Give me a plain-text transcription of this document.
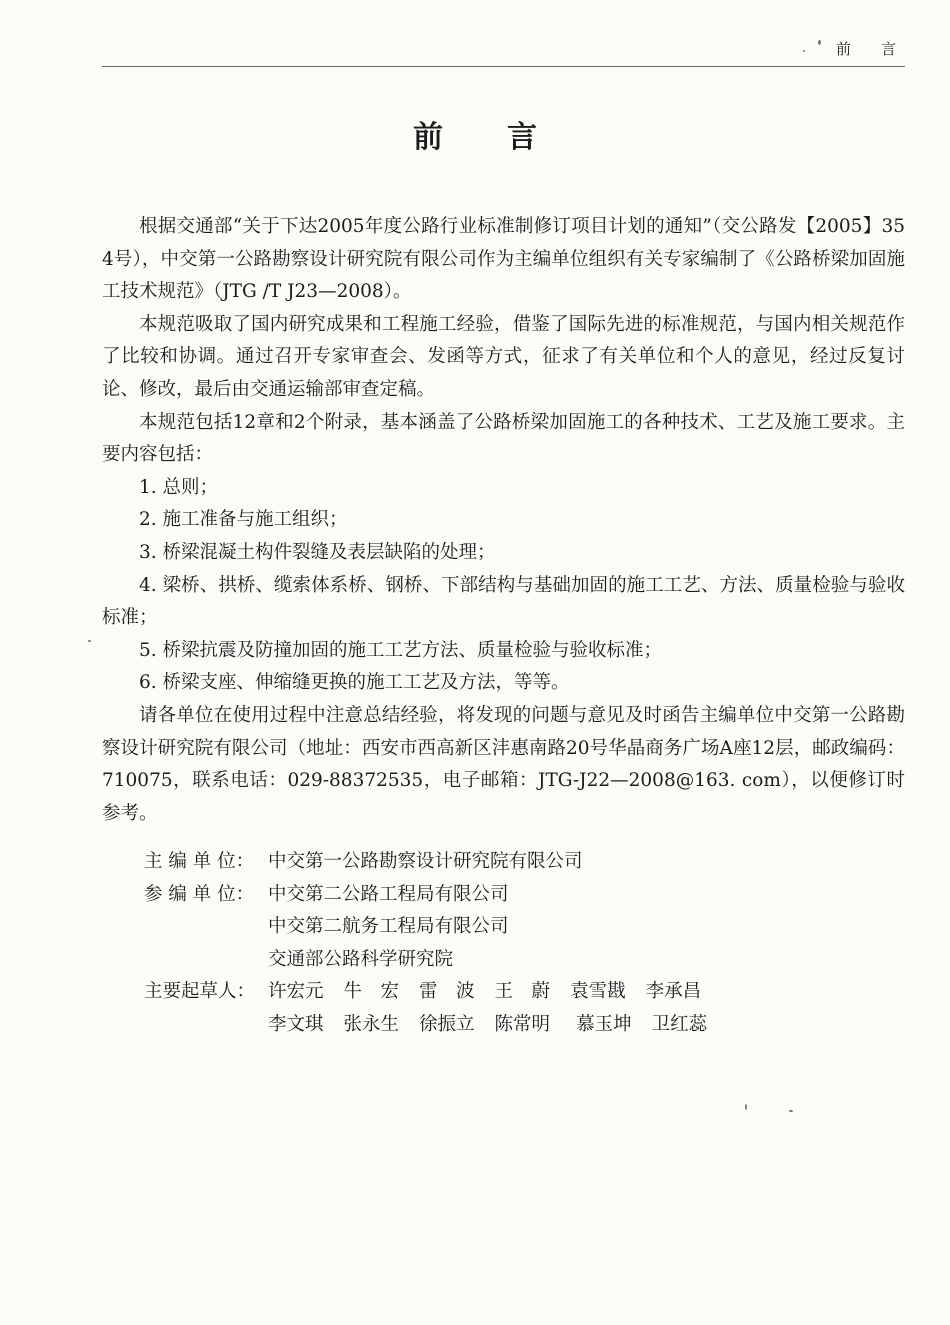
前 言
前 言

根据交通部“关于下达2005年度公路行业标准制修订项目计划的通知”（交公路发【2005】354号），中交第一公路勘察设计研究院有限公司作为主编单位组织有关专家编制了《公路桥梁加固施工技术规范》（JTG /T J23—2008）。

本规范吸取了国内研究成果和工程施工经验，借鉴了国际先进的标准规范，与国内相关规范作了比较和协调。通过召开专家审查会、发函等方式，征求了有关单位和个人的意见，经过反复讨论、修改，最后由交通运输部审查定稿。

本规范包括12章和2个附录，基本涵盖了公路桥梁加固施工的各种技术、工艺及施工要求。主要内容包括：

1. 总则；

2. 施工准备与施工组织；

3. 桥梁混凝土构件裂缝及表层缺陷的处理；

4. 梁桥、拱桥、缆索体系桥、钢桥、下部结构与基础加固的施工工艺、方法、质量检验与验收标准；

5. 桥梁抗震及防撞加固的施工工艺方法、质量检验与验收标准；

6. 桥梁支座、伸缩缝更换的施工工艺及方法，等等。

请各单位在使用过程中注意总结经验，将发现的问题与意见及时函告主编单位中交第一公路勘察设计研究院有限公司（地址：西安市西高新区沣惠南路20号华晶商务广场A座12层，邮政编码：710075，联系电话：029-88372535，电子邮箱：JTG-J22—2008@163. com），以便修订时参考。

主 编 单 位： 中交第一公路勘察设计研究院有限公司
参 编 单 位： 中交第二公路工程局有限公司
中交第二航务工程局有限公司
交通部公路科学研究院
主要起草人： 许宏元 牛　宏 雷　波 王　蔚 袁雪戡 李承昌
李文琪 张永生 徐振立 陈常明 慕玉坤 卫红蕊
